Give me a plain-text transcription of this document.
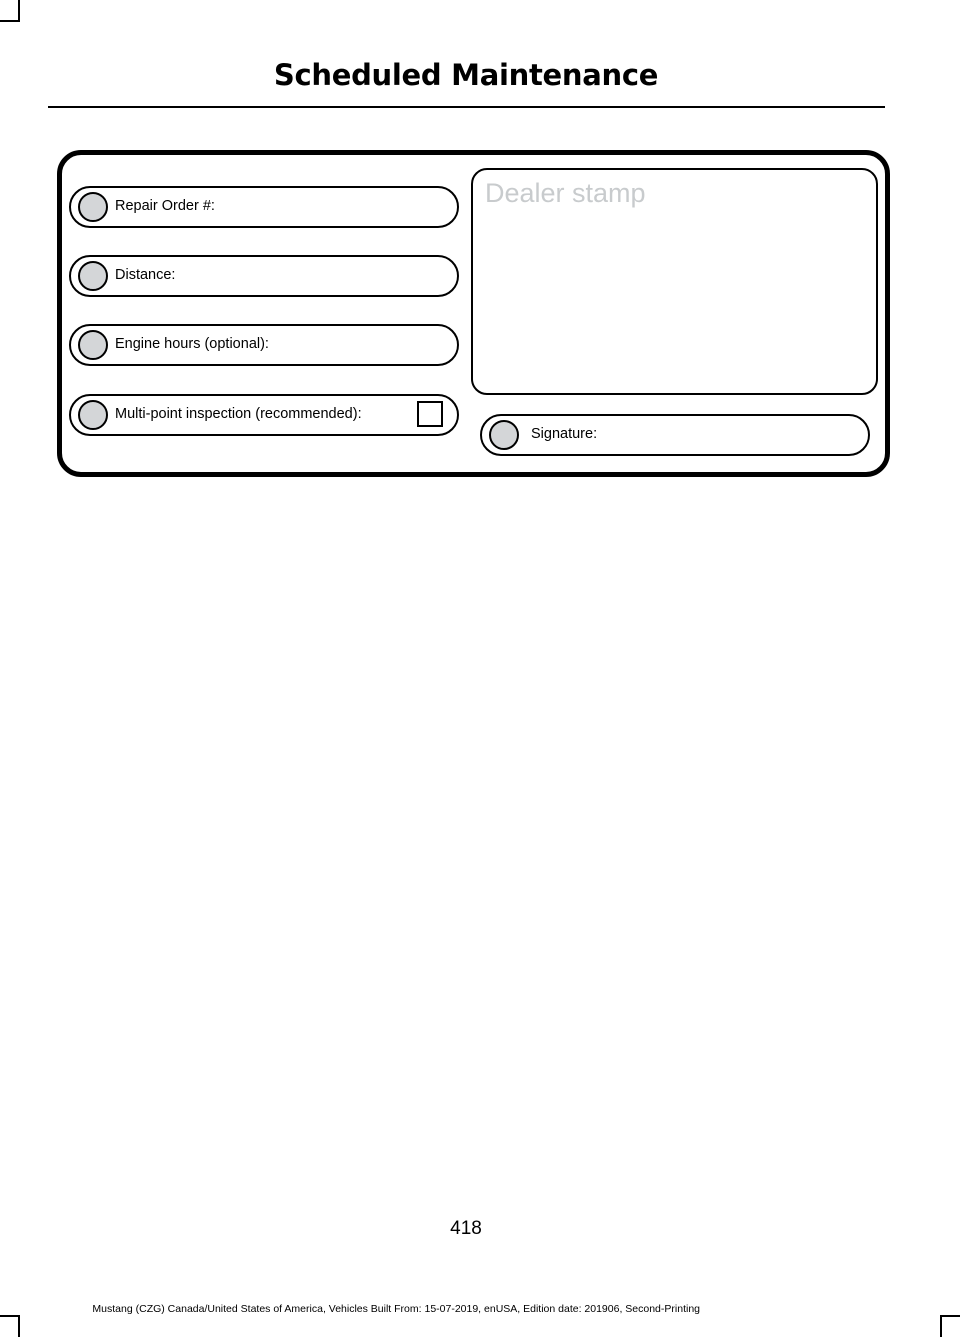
Scheduled Maintenance
Repair Order #:
Distance:
Engine hours (optional):
Multi-point inspection (recommended):
Dealer stamp
Signature:
418
Mustang (CZG) Canada/United States of America, Vehicles Built From: 15-07-2019, enUSA, Edition date: 201906, Second-Printing
